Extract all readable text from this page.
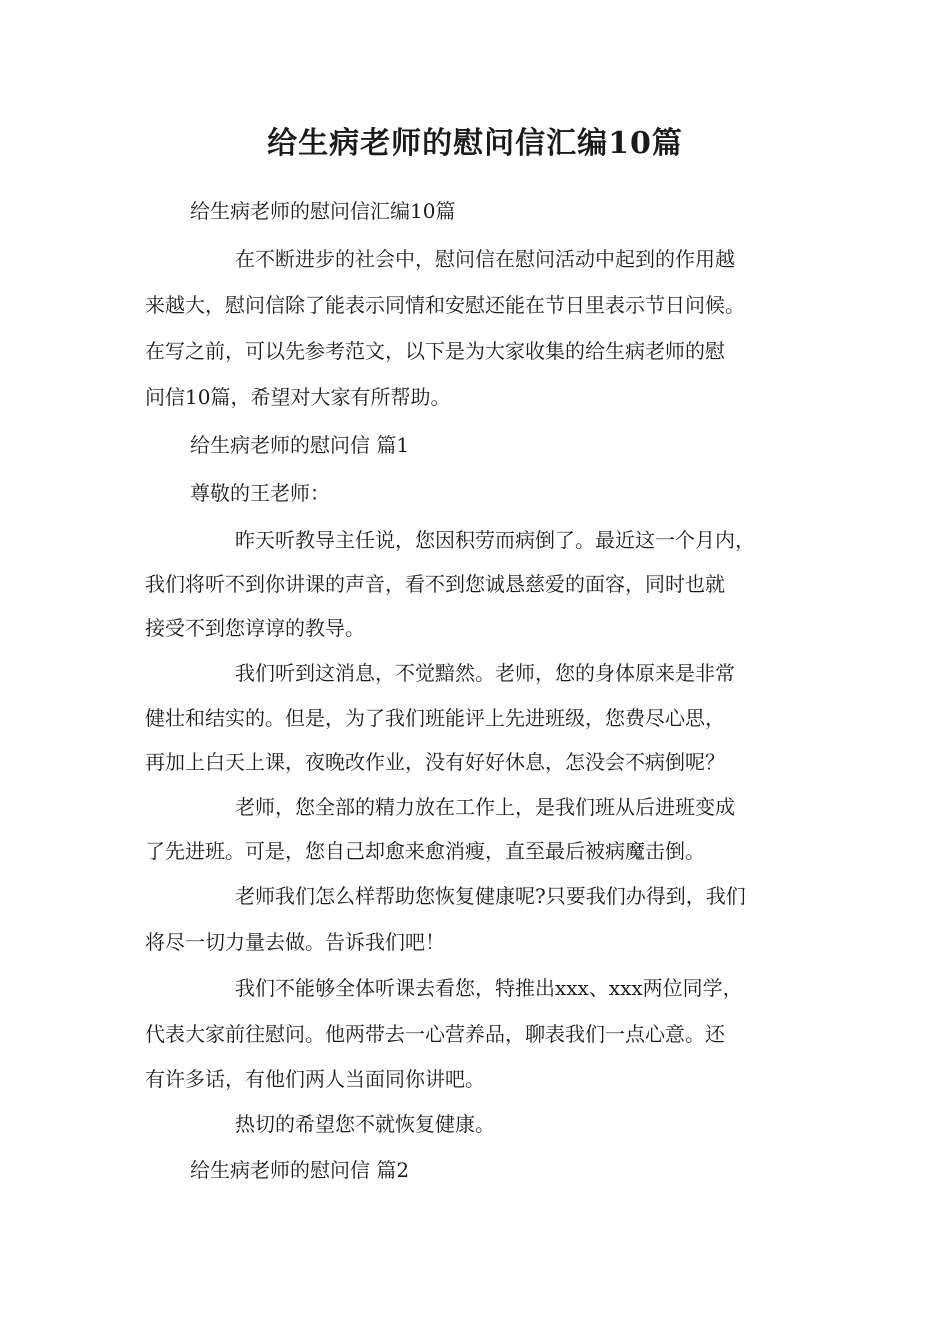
给生病老师的慰问信汇编10篇

给生病老师的慰问信汇编10篇

在不断进步的社会中，慰问信在慰问活动中起到的作用越

来越大，慰问信除了能表示同情和安慰还能在节日里表示节日问候。

在写之前，可以先参考范文，以下是为大家收集的给生病老师的慰

问信10篇，希望对大家有所帮助。

给生病老师的慰问信 篇1

尊敬的王老师：

昨天听教导主任说，您因积劳而病倒了。最近这一个月内，

我们将听不到你讲课的声音，看不到您诚恳慈爱的面容，同时也就

接受不到您谆谆的教导。

我们听到这消息，不觉黯然。老师，您的身体原来是非常

健壮和结实的。但是，为了我们班能评上先进班级，您费尽心思，

再加上白天上课，夜晚改作业，没有好好休息，怎没会不病倒呢？

老师，您全部的精力放在工作上，是我们班从后进班变成

了先进班。可是，您自己却愈来愈消瘦，直至最后被病魔击倒。

老师我们怎么样帮助您恢复健康呢?只要我们办得到，我们

将尽一切力量去做。告诉我们吧！

我们不能够全体听课去看您，特推出xxx、xxx两位同学，

代表大家前往慰问。他两带去一心营养品，聊表我们一点心意。还

有许多话，有他们两人当面同你讲吧。

热切的希望您不就恢复健康。

给生病老师的慰问信 篇2
